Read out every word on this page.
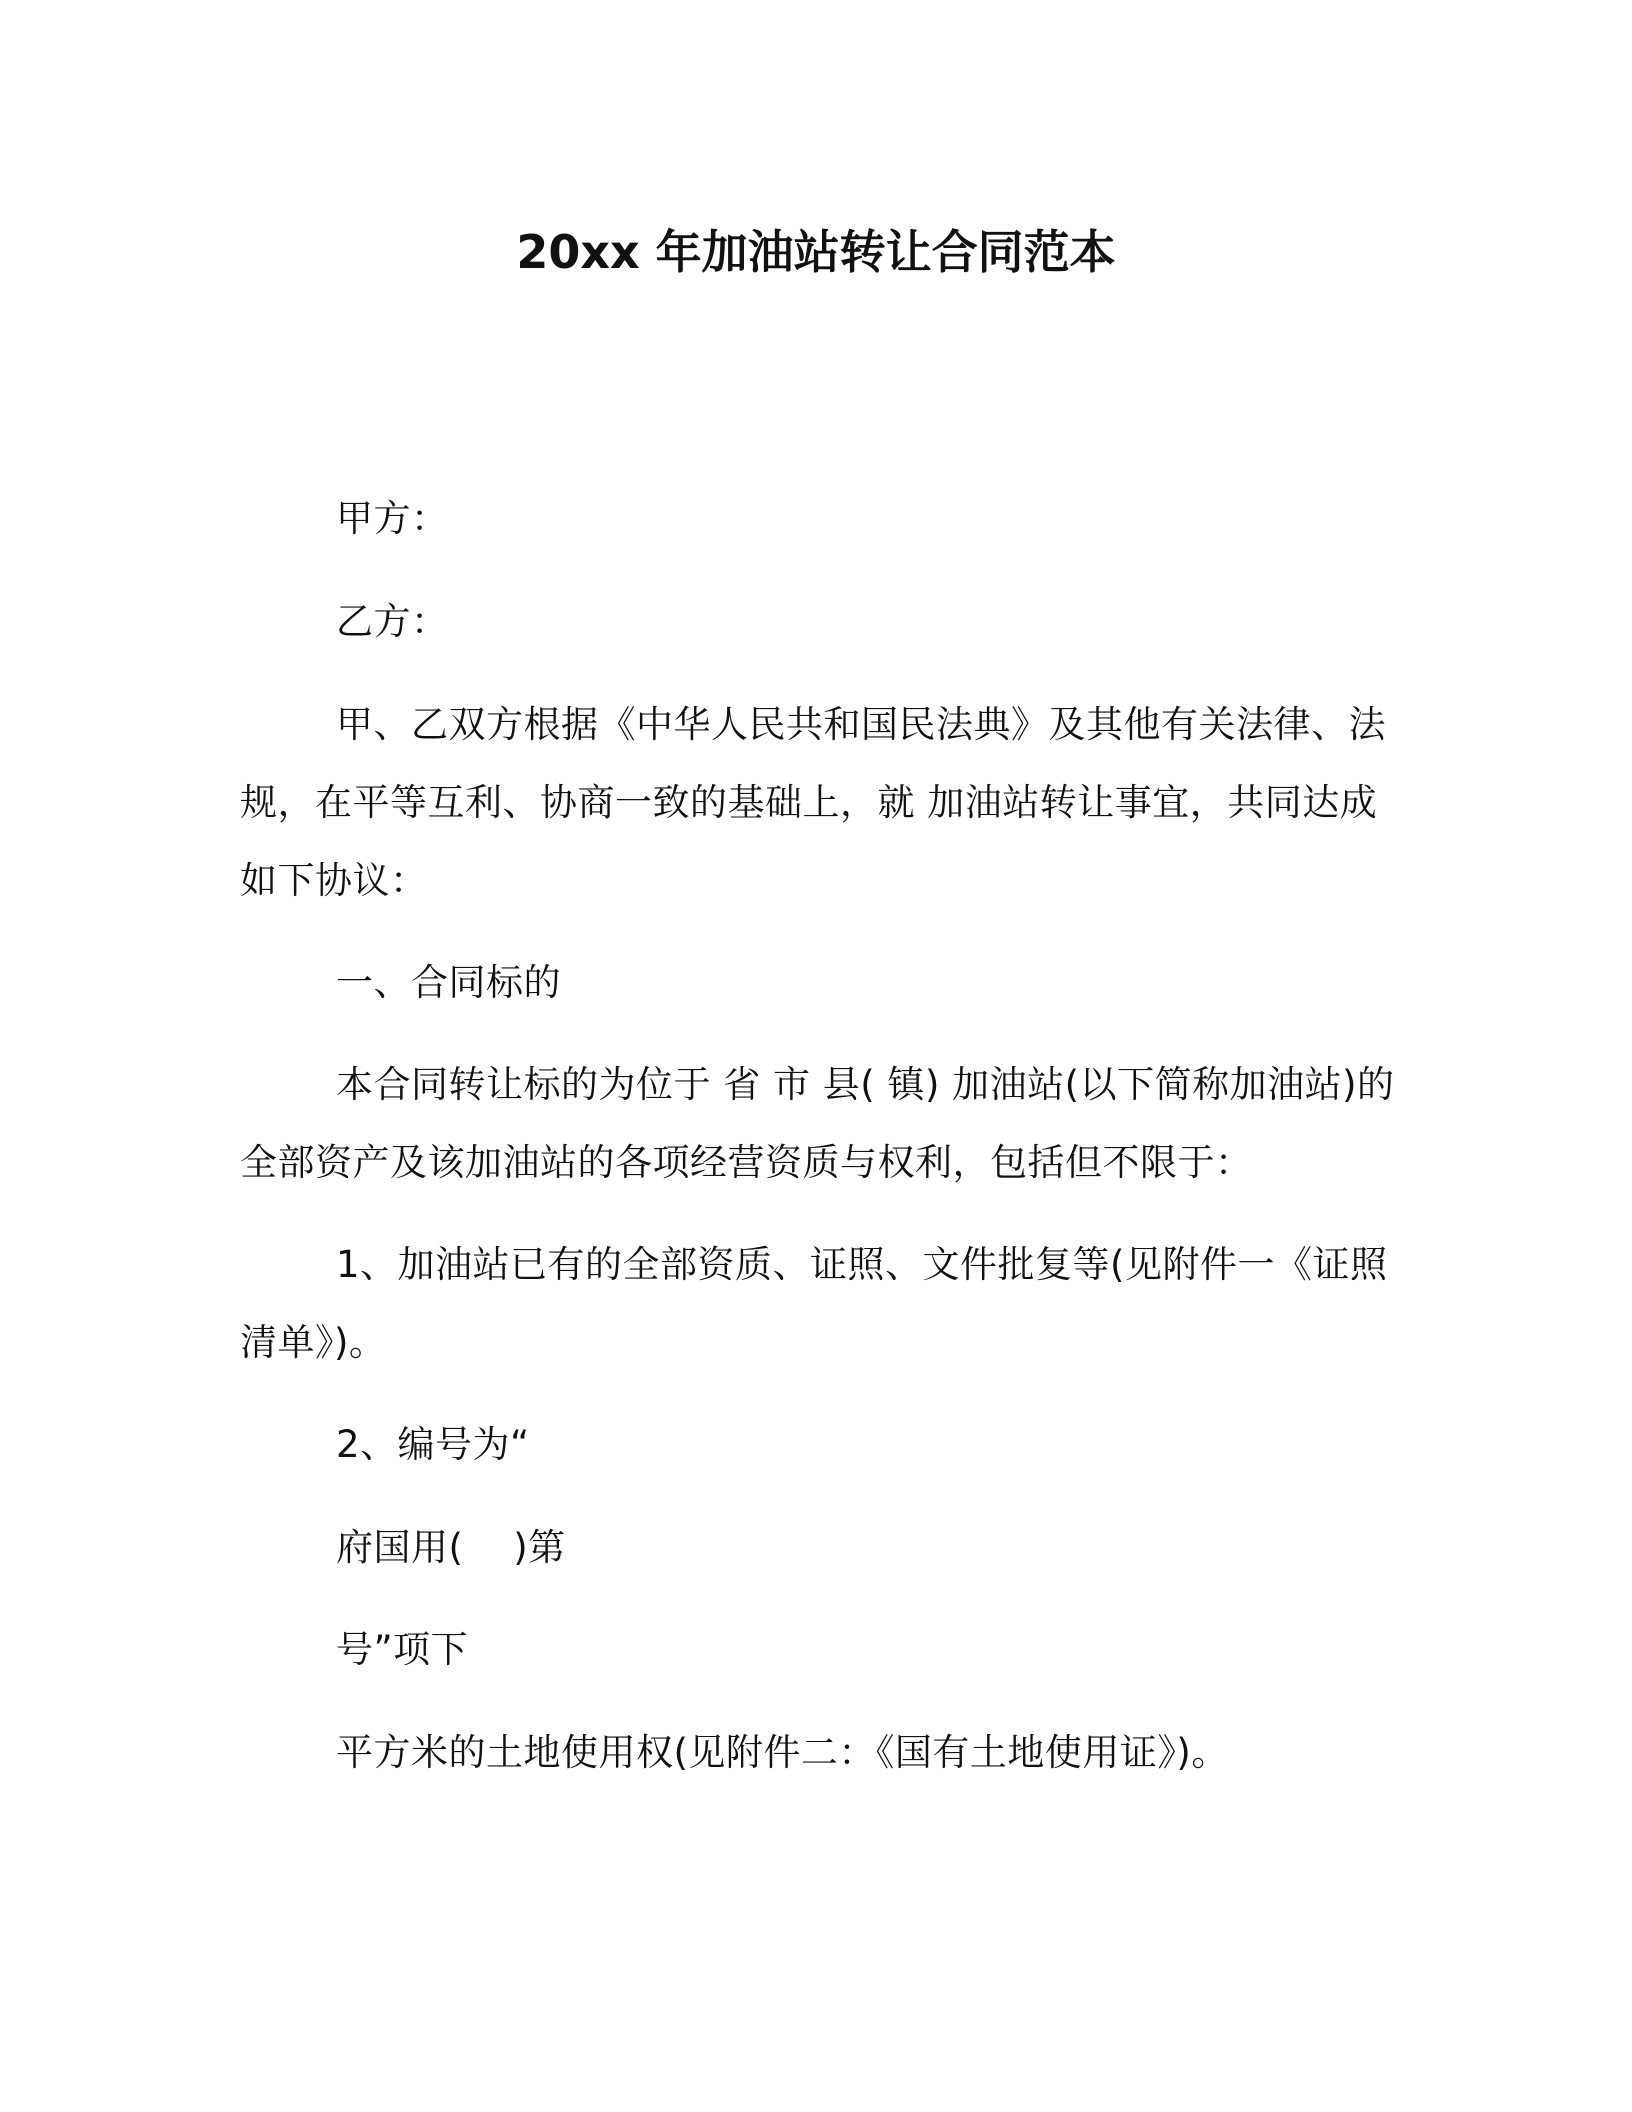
20xx 年加油站转让合同范本
甲方：
乙方：
甲、乙双方根据《中华人民共和国民法典》及其他有关法律、法
规，在平等互利、协商一致的基础上，就 加油站转让事宜，共同达成
如下协议：
一、合同标的
本合同转让标的为位于 省 市 县( 镇) 加油站(以下简称加油站)的
全部资产及该加油站的各项经营资质与权利，包括但不限于：
1、加油站已有的全部资质、证照、文件批复等(见附件一《证照
清单》)。
2、编号为“
府国用(　 )第
号”项下
平方米的土地使用权(见附件二：《国有土地使用证》)。
